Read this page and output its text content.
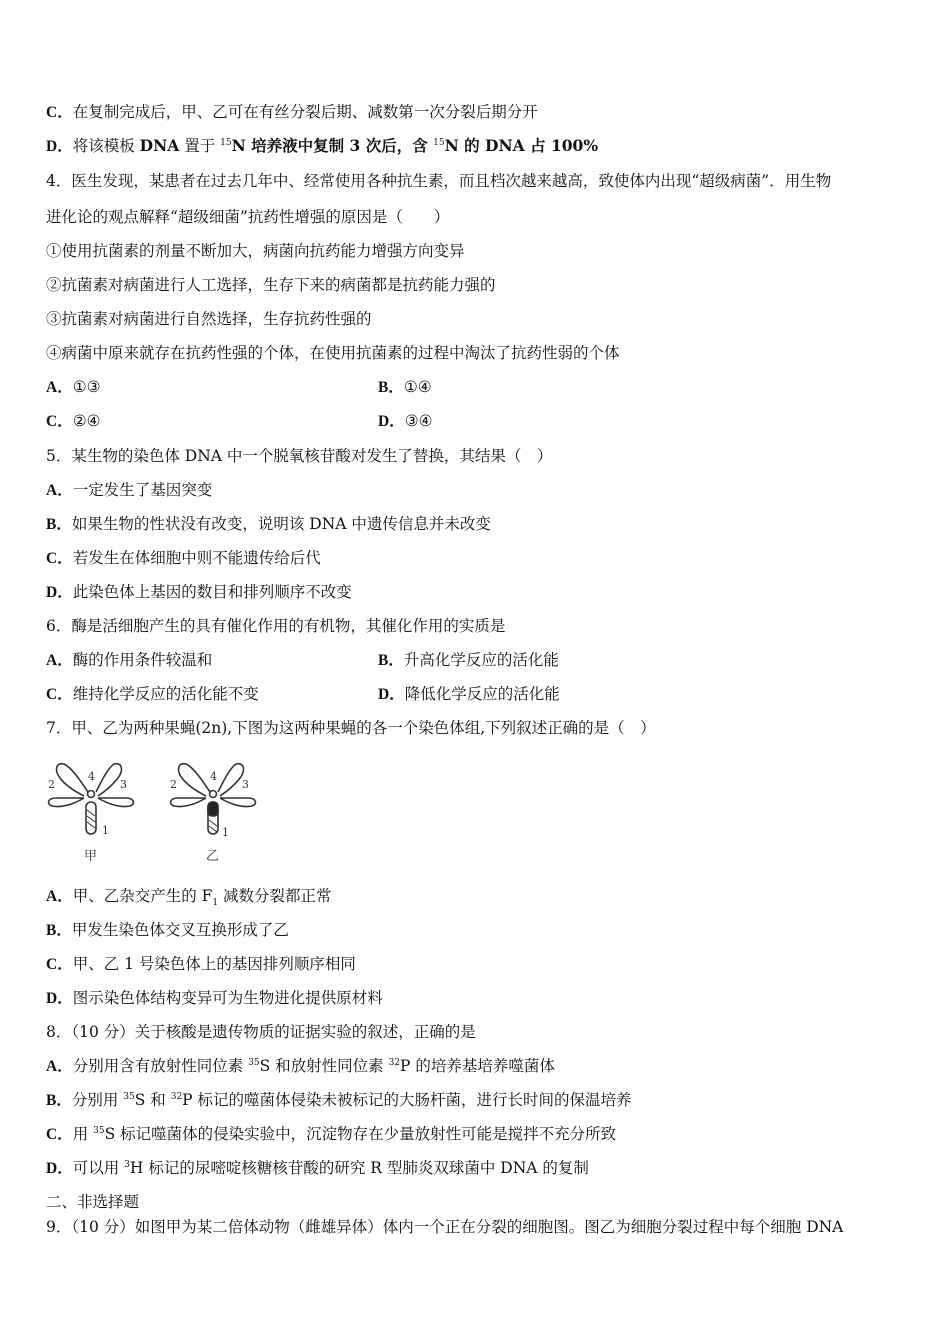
C．在复制完成后，甲、乙可在有丝分裂后期、减数第一次分裂后期分开
D．将该模板 DNA 置于 $^{15}$N 培养液中复制 3 次后，含 $^{15}$N 的 DNA 占 100%
4．医生发现，某患者在过去几年中、经常使用各种抗生素，而且档次越来越高，致使体内出现“超级病菌”．用生物
进化论的观点解释“超级细菌”抗药性增强的原因是（　　）
①使用抗菌素的剂量不断加大，病菌向抗药能力增强方向变异
②抗菌素对病菌进行人工选择，生存下来的病菌都是抗药能力强的
③抗菌素对病菌进行自然选择，生存抗药性强的
④病菌中原来就存在抗药性强的个体，在使用抗菌素的过程中淘汰了抗药性弱的个体
A．①③	B．①④
C．②④	D．③④
5．某生物的染色体 DNA 中一个脱氧核苷酸对发生了替换，其结果（　）
A．一定发生了基因突变
B．如果生物的性状没有改变，说明该 DNA 中遗传信息并未改变
C．若发生在体细胞中则不能遗传给后代
D．此染色体上基因的数目和排列顺序不改变
6．酶是活细胞产生的具有催化作用的有机物，其催化作用的实质是
A．酶的作用条件较温和	B．升高化学反应的活化能
C．维持化学反应的活化能不变	D．降低化学反应的活化能
7．甲、乙为两种果蝇(2n),下图为这两种果蝇的各一个染色体组,下列叙述正确的是（　）
2
4
3
1
甲
2
4
3
1
乙
A．甲、乙杂交产生的 $F_1$ 减数分裂都正常
B．甲发生染色体交叉互换形成了乙
C．甲、乙 1 号染色体上的基因排列顺序相同
D．图示染色体结构变异可为生物进化提供原材料
8．（10 分）关于核酸是遗传物质的证据实验的叙述，正确的是
A．分别用含有放射性同位素 $^{35}$S 和放射性同位素 $^{32}$P 的培养基培养噬菌体
B．分别用 $^{35}$S 和 $^{32}$P 标记的噬菌体侵染未被标记的大肠杆菌，进行长时间的保温培养
C．用 $^{35}$S 标记噬菌体的侵染实验中，沉淀物存在少量放射性可能是搅拌不充分所致
D．可以用 $^3$H 标记的尿嘧啶核糖核苷酸的研究 R 型肺炎双球菌中 DNA 的复制
二、非选择题
9．（10 分）如图甲为某二倍体动物（雌雄异体）体内一个正在分裂的细胞图。图乙为细胞分裂过程中每个细胞 DNA
